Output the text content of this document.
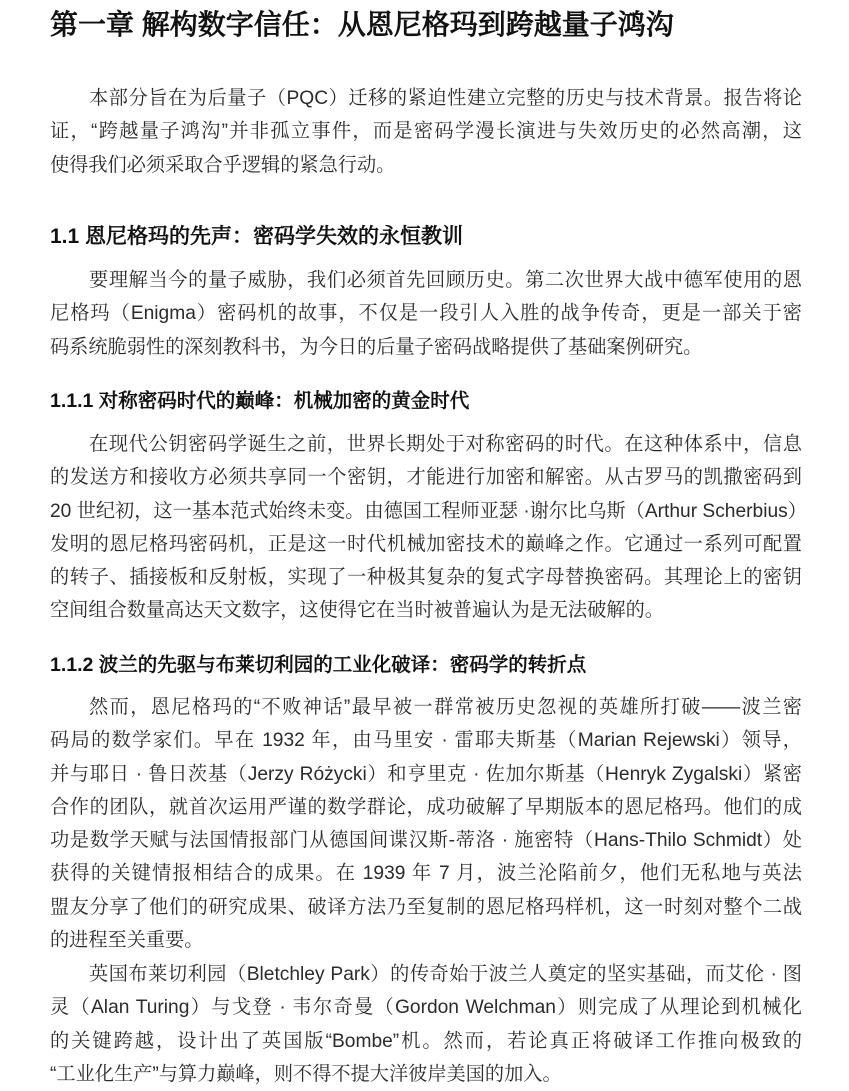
第一章 解构数字信任：从恩尼格玛到跨越量子鸿沟
本部分旨在为后量子（PQC）迁移的紧迫性建立完整的历史与技术背景。报告将论
证，“跨越量子鸿沟”并非孤立事件，而是密码学漫长演进与失效历史的必然高潮，这
使得我们必须采取合乎逻辑的紧急行动。
1.1 恩尼格玛的先声：密码学失效的永恒教训
要理解当今的量子威胁，我们必须首先回顾历史。第二次世界大战中德军使用的恩
尼格玛（Enigma）密码机的故事，不仅是一段引人入胜的战争传奇，更是一部关于密
码系统脆弱性的深刻教科书，为今日的后量子密码战略提供了基础案例研究。
1.1.1 对称密码时代的巅峰：机械加密的黄金时代
在现代公钥密码学诞生之前，世界长期处于对称密码的时代。在这种体系中，信息
的发送方和接收方必须共享同一个密钥，才能进行加密和解密。从古罗马的凯撒密码到
20 世纪初，这一基本范式始终未变。由德国工程师亚瑟 ·谢尔比乌斯（Arthur Scherbius）
发明的恩尼格玛密码机，正是这一时代机械加密技术的巅峰之作。它通过一系列可配置
的转子、插接板和反射板，实现了一种极其复杂的复式字母替换密码。其理论上的密钥
空间组合数量高达天文数字，这使得它在当时被普遍认为是无法破解的。
1.1.2 波兰的先驱与布莱切利园的工业化破译：密码学的转折点
然而，恩尼格玛的“不败神话”最早被一群常被历史忽视的英雄所打破——波兰密
码局的数学家们。早在 1932 年，由马里安 · 雷耶夫斯基（Marian Rejewski）领导，
并与耶日 · 鲁日茨基（Jerzy Różycki）和亨里克 · 佐加尔斯基（Henryk Zygalski）紧密
合作的团队，就首次运用严谨的数学群论，成功破解了早期版本的恩尼格玛。他们的成
功是数学天赋与法国情报部门从德国间谍汉斯-蒂洛 · 施密特（Hans-Thilo Schmidt）处
获得的关键情报相结合的成果。在 1939 年 7 月，波兰沦陷前夕，他们无私地与英法
盟友分享了他们的研究成果、破译方法乃至复制的恩尼格玛样机，这一时刻对整个二战
的进程至关重要。
英国布莱切利园（Bletchley Park）的传奇始于波兰人奠定的坚实基础，而艾伦 · 图
灵（Alan Turing）与戈登 · 韦尔奇曼（Gordon Welchman）则完成了从理论到机械化
的关键跨越，设计出了英国版“Bombe”机。然而，若论真正将破译工作推向极致的
“工业化生产”与算力巅峰，则不得不提大洋彼岸美国的加入。
